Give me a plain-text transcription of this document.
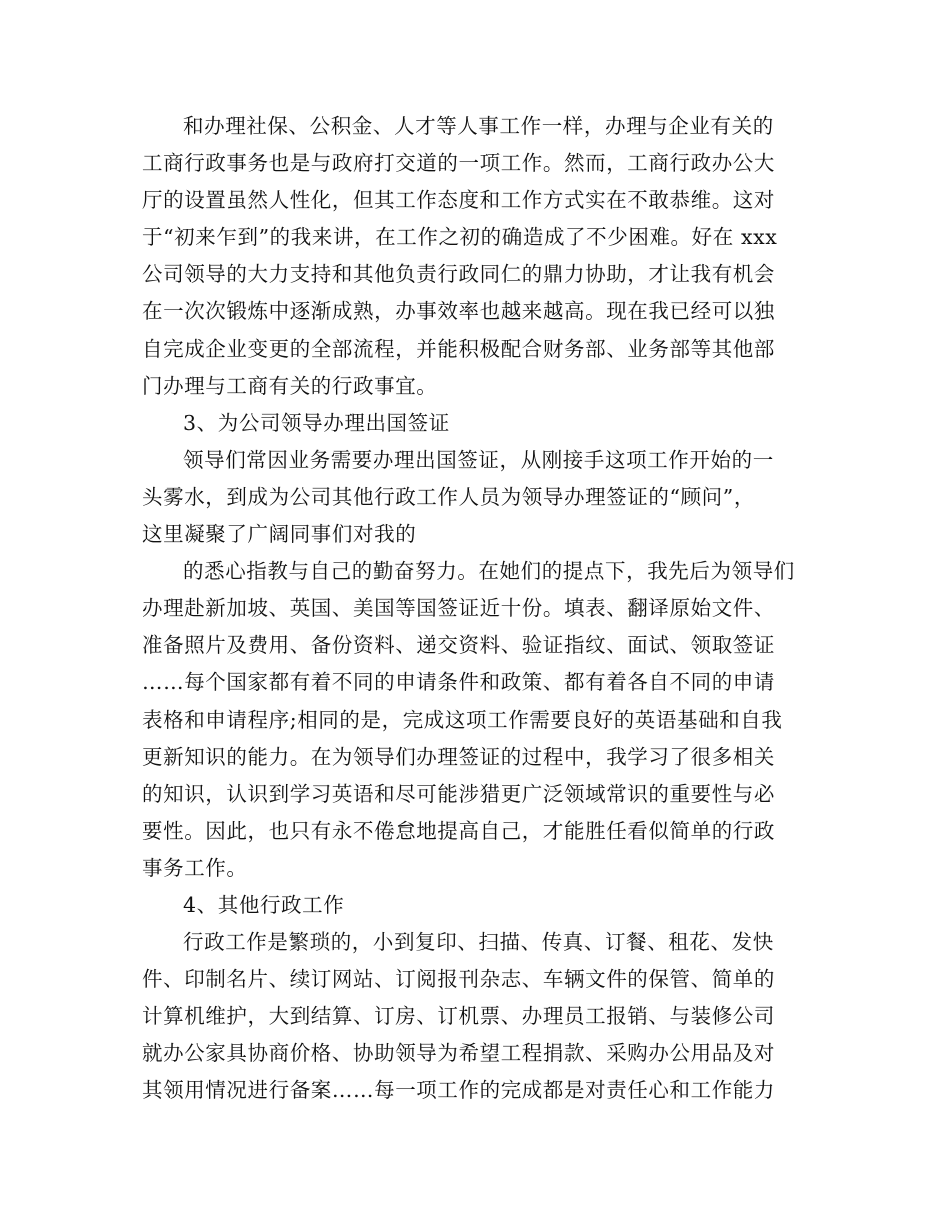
和办理社保、公积金、人才等人事工作一样，办理与企业有关的
工商行政事务也是与政府打交道的一项工作。然而，工商行政办公大
厅的设置虽然人性化，但其工作态度和工作方式实在不敢恭维。这对
于“初来乍到”的我来讲，在工作之初的确造成了不少困难。好在 xxx
公司领导的大力支持和其他负责行政同仁的鼎力协助，才让我有机会
在一次次锻炼中逐渐成熟，办事效率也越来越高。现在我已经可以独
自完成企业变更的全部流程，并能积极配合财务部、业务部等其他部
门办理与工商有关的行政事宜。
3、为公司领导办理出国签证
领导们常因业务需要办理出国签证，从刚接手这项工作开始的一
头雾水，到成为公司其他行政工作人员为领导办理签证的“顾问”，
这里凝聚了广阔同事们对我的
的悉心指教与自己的勤奋努力。在她们的提点下，我先后为领导们
办理赴新加坡、英国、美国等国签证近十份。填表、翻译原始文件、
准备照片及费用、备份资料、递交资料、验证指纹、面试、领取签证
……每个国家都有着不同的申请条件和政策、都有着各自不同的申请
表格和申请程序;相同的是，完成这项工作需要良好的英语基础和自我
更新知识的能力。在为领导们办理签证的过程中，我学习了很多相关
的知识，认识到学习英语和尽可能涉猎更广泛领域常识的重要性与必
要性。因此，也只有永不倦怠地提高自己，才能胜任看似简单的行政
事务工作。
4、其他行政工作
行政工作是繁琐的，小到复印、扫描、传真、订餐、租花、发快
件、印制名片、续订网站、订阅报刊杂志、车辆文件的保管、简单的
计算机维护，大到结算、订房、订机票、办理员工报销、与装修公司
就办公家具协商价格、协助领导为希望工程捐款、采购办公用品及对
其领用情况进行备案……每一项工作的完成都是对责任心和工作能力
